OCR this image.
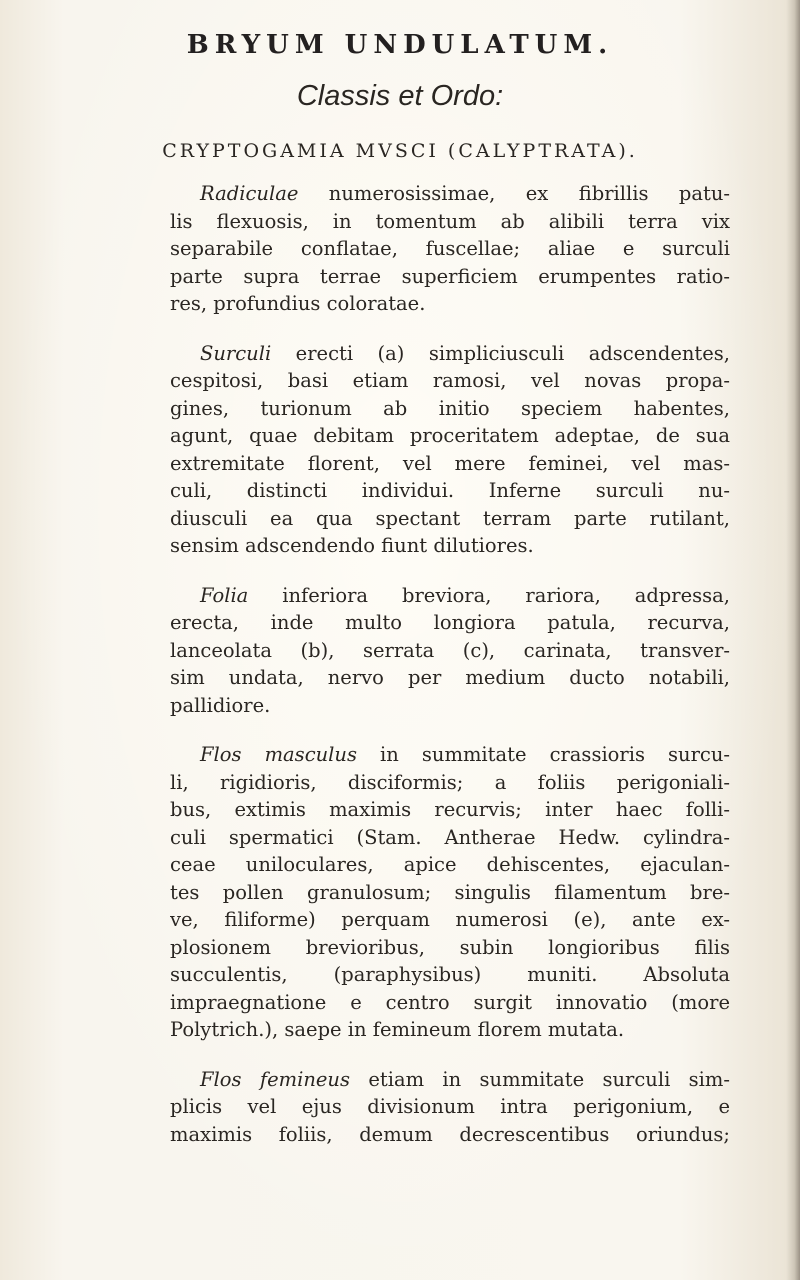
BRYUM UNDULATUM.
Classis et Ordo:
CRYPTOGAMIA MVSCI (CALYPTRATA).
Radiculae numerosissimae, ex fibrillis patu-
lis flexuosis, in tomentum ab alibili terra vix
separabile conflatae, fuscellae; aliae e surculi
parte supra terrae superficiem erumpentes ratio-
res, profundius coloratae.
Surculi erecti (a) simpliciusculi adscendentes,
cespitosi, basi etiam ramosi, vel novas propa-
gines, turionum ab initio speciem habentes,
agunt, quae debitam proceritatem adeptae, de sua
extremitate florent, vel mere feminei, vel mas-
culi, distincti individui. Inferne surculi nu-
diusculi ea qua spectant terram parte rutilant,
sensim adscendendo fiunt dilutiores.
Folia inferiora breviora, rariora, adpressa,
erecta, inde multo longiora patula, recurva,
lanceolata (b), serrata (c), carinata, transver-
sim undata, nervo per medium ducto notabili,
pallidiore.
Flos masculus in summitate crassioris surcu-
li, rigidioris, disciformis; a foliis perigoniali-
bus, extimis maximis recurvis; inter haec folli-
culi spermatici (Stam. Antherae Hedw. cylindra-
ceae uniloculares, apice dehiscentes, ejaculan-
tes pollen granulosum; singulis filamentum bre-
ve, filiforme) perquam numerosi (e), ante ex-
plosionem brevioribus, subin longioribus filis
succulentis, (paraphysibus) muniti. Absoluta
impraegnatione e centro surgit innovatio (more
Polytrich.), saepe in femineum florem mutata.
Flos femineus etiam in summitate surculi sim-
plicis vel ejus divisionum intra perigonium, e
maximis foliis, demum decrescentibus oriundus;
